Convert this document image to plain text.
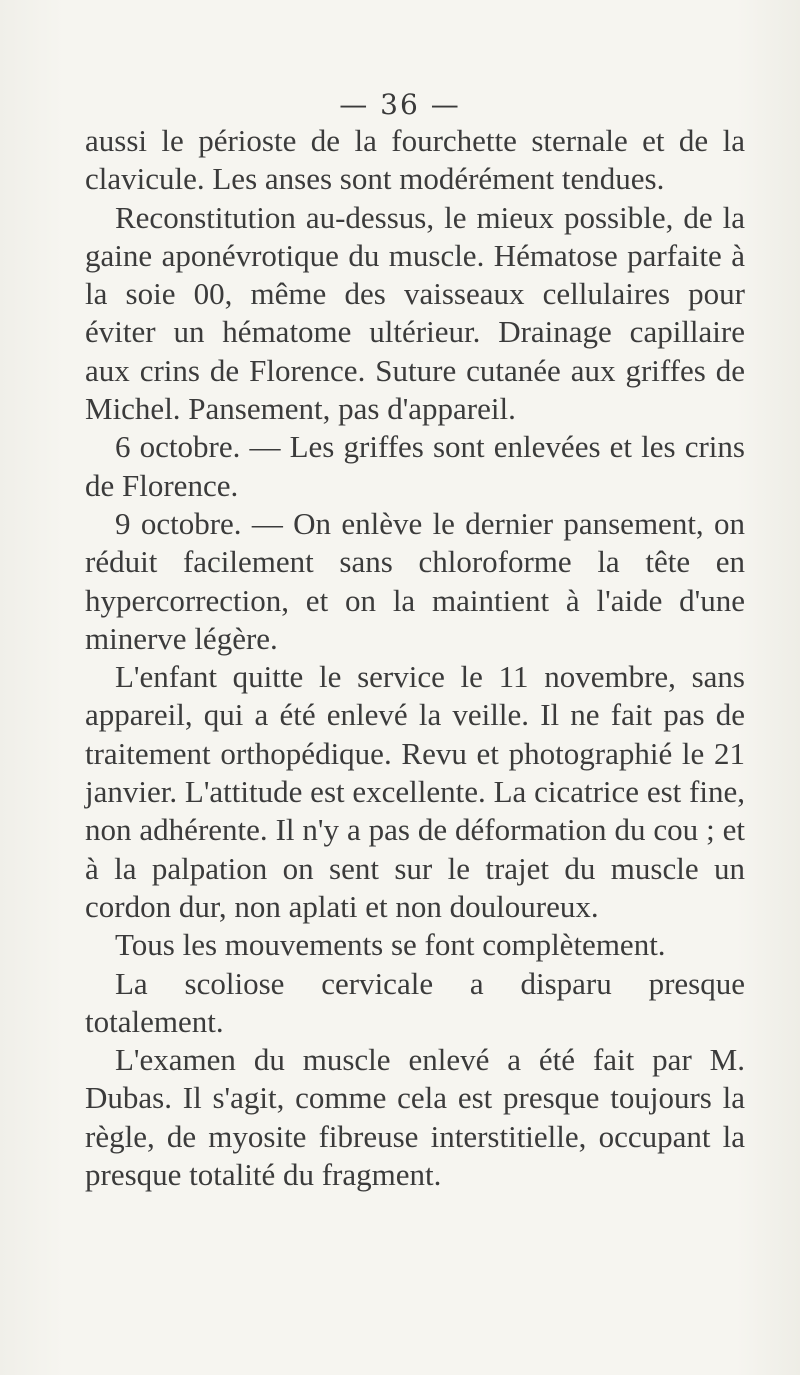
— 36 —

aussi le périoste de la fourchette sternale et de la clavicule. Les anses sont modérément tendues.

Reconstitution au-dessus, le mieux possible, de la gaine aponévrotique du muscle. Hématose parfaite à la soie 00, même des vaisseaux cellulaires pour éviter un hématome ultérieur. Drainage capillaire aux crins de Florence. Suture cutanée aux griffes de Michel. Pansement, pas d'appareil.

6 octobre. — Les griffes sont enlevées et les crins de Florence.

9 octobre. — On enlève le dernier pansement, on réduit facilement sans chloroforme la tête en hypercorrection, et on la maintient à l'aide d'une minerve légère.

L'enfant quitte le service le 11 novembre, sans appareil, qui a été enlevé la veille. Il ne fait pas de traitement orthopédique. Revu et photographié le 21 janvier. L'attitude est excellente. La cicatrice est fine, non adhérente. Il n'y a pas de déformation du cou ; et à la palpation on sent sur le trajet du muscle un cordon dur, non aplati et non douloureux.

Tous les mouvements se font complètement.

La scoliose cervicale a disparu presque totalement.

L'examen du muscle enlevé a été fait par M. Dubas. Il s'agit, comme cela est presque toujours la règle, de myosite fibreuse interstitielle, occupant la presque totalité du fragment.
